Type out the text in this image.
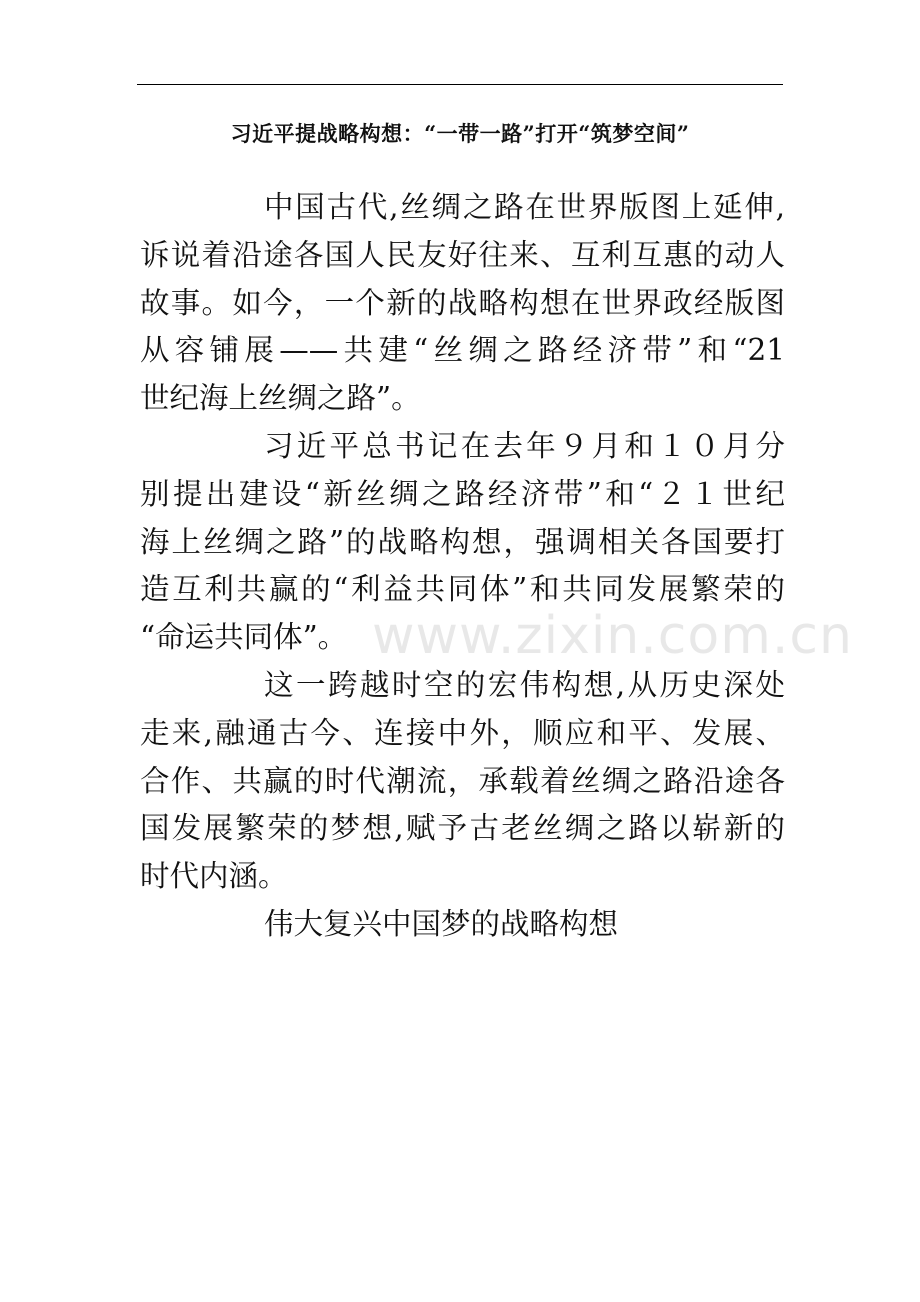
习近平提战略构想：“一带一路”打开“筑梦空间”

中国古代,丝绸之路在世界版图上延伸,
诉说着沿途各国人民友好往来、互利互惠的动人
故事。如今，一个新的战略构想在世界政经版图
从容铺展——共建“丝绸之路经济带”和“21
世纪海上丝绸之路”。

习近平总书记在去年９月和１０月分
别提出建设“新丝绸之路经济带”和“２１世纪
海上丝绸之路”的战略构想，强调相关各国要打
造互利共赢的“利益共同体”和共同发展繁荣的
“命运共同体”。

这一跨越时空的宏伟构想,从历史深处
走来,融通古今、连接中外，顺应和平、发展、
合作、共赢的时代潮流，承载着丝绸之路沿途各
国发展繁荣的梦想,赋予古老丝绸之路以崭新的
时代内涵。

伟大复兴中国梦的战略构想

www.zixin.com.cn
